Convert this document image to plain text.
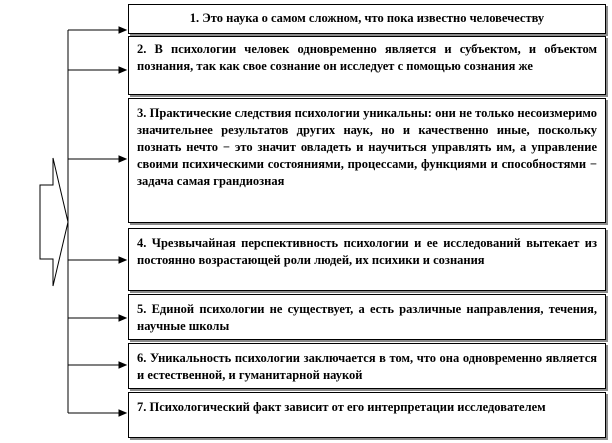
1. Это наука о самом сложном, что пока известно человечеству
2. В психологии человек одновременно является и субъектом, и объектом познания, так как свое сознание он исследует с помощью сознания же
3. Практические следствия психологии уникальны: они не только несоизмеримо значительнее результатов других наук, но и качественно иные, поскольку познать нечто − это значит овладеть и научиться управлять им, а управление своими психическими состояниями, процессами, функциями и способностями − задача самая грандиозная
4. Чрезвычайная перспективность психологии и ее исследований вытекает из постоянно возрастающей роли людей, их психики и сознания
5. Единой психологии не существует, а есть различные направления, течения, научные школы
6. Уникальность психологии заключается в том, что она одновременно является и естественной, и гуманитарной наукой
7. Психологический факт зависит от его интерпретации исследователем
